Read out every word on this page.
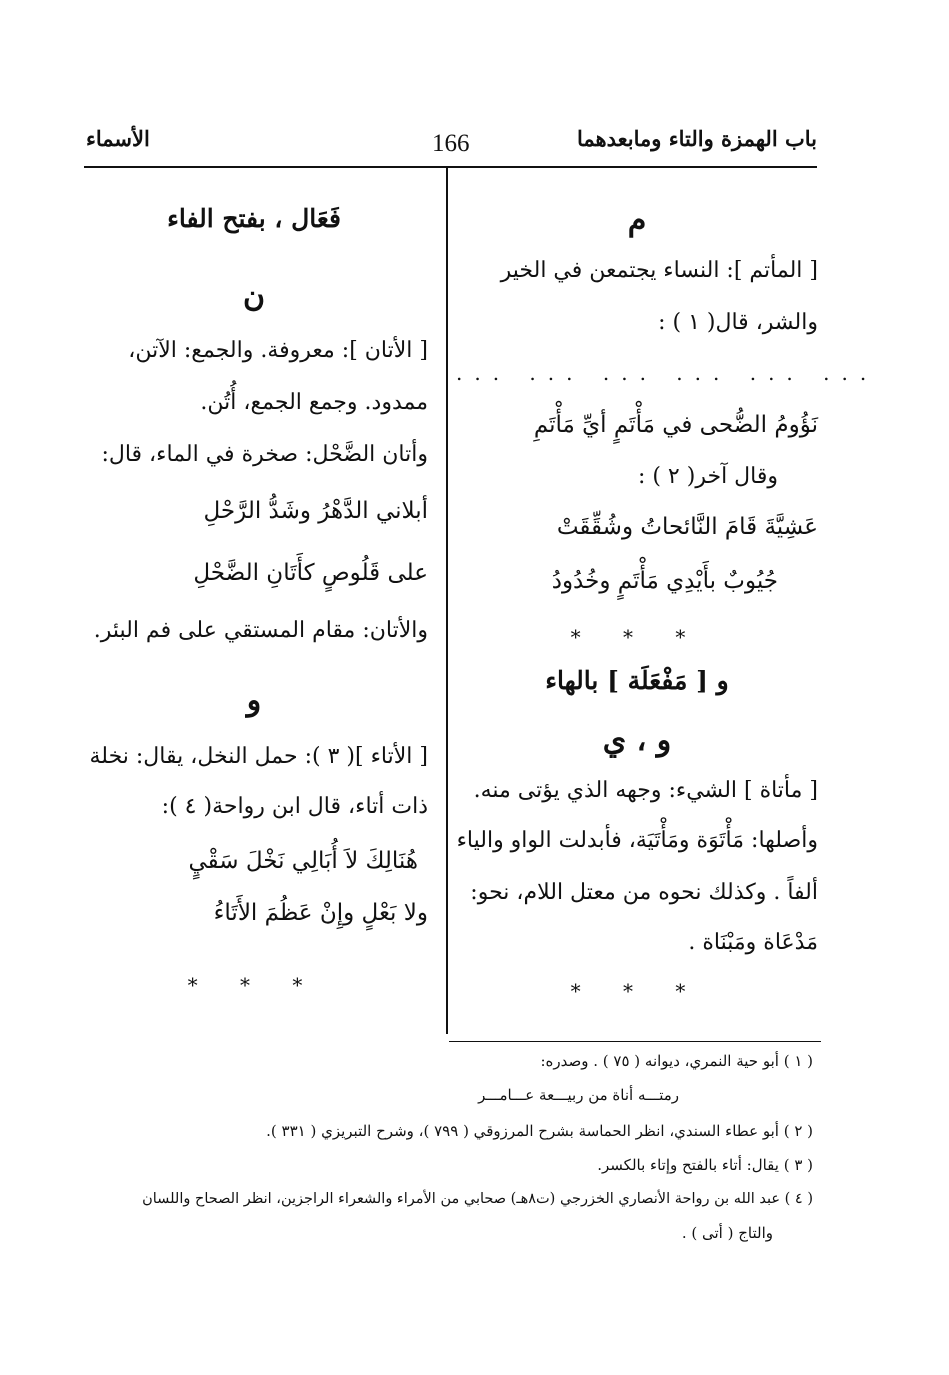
باب الهمزة والتاء ومابعدهما
166
الأسماء
م
[ المأتم ]: النساء يجتمعن في الخير
والشر، قال( ١ ) :
... ... ... ... ... ...
نَؤُومُ الضُّحى في مَأْتَمٍ أيِّ مَأْتَمِ
وقال آخر( ٢ ) :
عَشِيَّةَ قَامَ النَّائحاتُ وشُقِّقَتْ
جُيُوبٌ بأَيْدِي مَأْتَمٍ وخُدُودُ
* * *
و [ مَفْعَلَة ] بالهاء
و ، ي
[ مأتاة ] الشيء: وجهه الذي يؤتى منه.
وأصلها: مَأْتَوَة ومَأْتَيَة، فأبدلت الواو والياء
ألفاً . وكذلك نحوه من معتل اللام، نحو:
مَدْعَاة ومَبْنَاة .
* * *
فَعَال ، بفتح الفاء
ن
[ الأتان ]: معروفة. والجمع: الآتن،
ممدود. وجمع الجمع، أُتُن.
وأتان الضَّحْل: صخرة في الماء، قال:
أبلاني الدَّهْرُ وشَدُّ الرَّحْلِ
على قَلُوصٍ كأَتَانِ الضَّحْلِ
والأتان: مقام المستقي على فم البئر.
و
[ الأتاء ]( ٣ ): حمل النخل، يقال: نخلة
ذات أتاء، قال ابن رواحة( ٤ ):
هُنَالِكَ لاَ أُبَالِي نَخْلَ سَقْيٍ
ولا بَعْلٍ وإِنْ عَظُمَ الأَتَاءُ
* * *
( ١ ) أبو حية النمري، ديوانه ( ٧٥ ) . وصدره:
رمتـــه أناة من ربيـــعة عـــامـــر
( ٢ ) أبو عطاء السندي، انظر الحماسة بشرح المرزوقي ( ٧٩٩ )، وشرح التبريزي ( ٣٣١ ).
( ٣ ) يقال: أتاء بالفتح وإتاء بالكسر.
( ٤ ) عبد الله بن رواحة الأنصاري الخزرجي (ت٨هـ) صحابي من الأمراء والشعراء الراجزين، انظر الصحاح واللسان
والتاج ( أتى ) .
